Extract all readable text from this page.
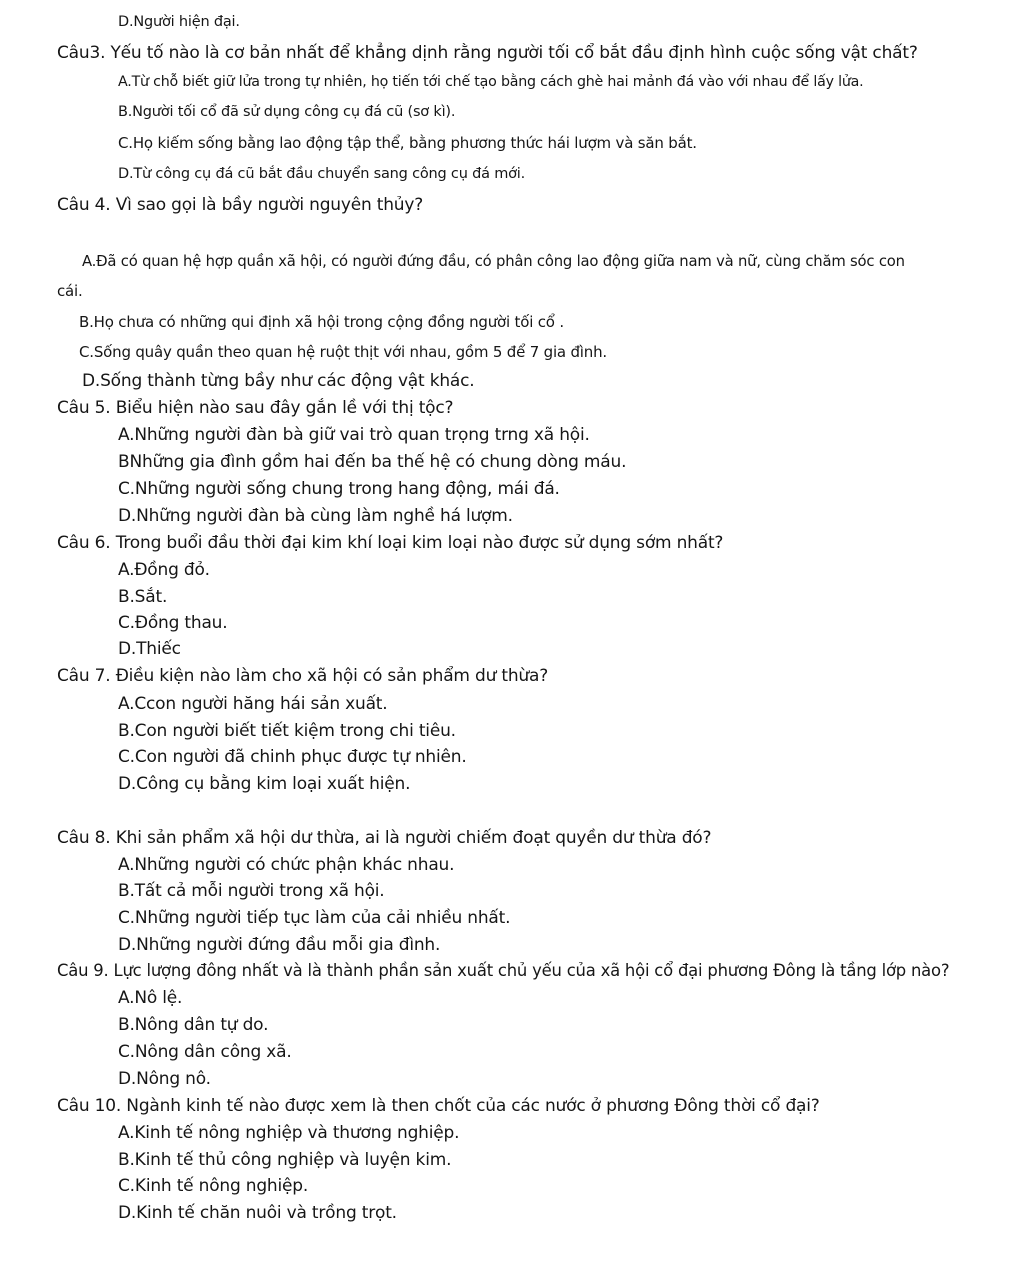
D.Người hiện đại.
Câu3. Yếu tố nào là cơ bản nhất để khẳng dịnh rằng người tối cổ bắt đầu định hình cuộc sống vật chất?
A.Từ chỗ biết giữ lửa trong tự nhiên, họ tiến tới chế tạo bằng cách ghè hai mảnh đá vào với nhau để lấy lửa.
B.Người tối cổ đã sử dụng công cụ đá cũ (sơ kì).
C.Họ kiếm sống bằng lao động tập thể, bằng phương thức hái lượm và săn bắt.
D.Từ công cụ đá cũ bắt đầu chuyển sang công cụ đá mới.
Câu 4. Vì sao gọi là bầy người nguyên thủy?
A.Đã có quan hệ hợp quần xã hội, có người đứng đầu, có phân công lao động giữa nam và nữ, cùng chăm sóc con
cái.
B.Họ chưa có những qui định xã hội trong cộng đồng người tối cổ .
C.Sống quây quần theo quan hệ ruột thịt với nhau, gồm 5 để 7 gia đình.
D.Sống thành từng bầy như các động vật khác.
Câu 5. Biểu hiện nào sau đây gắn lề với thị tộc?
A.Những người đàn bà giữ vai trò quan trọng trng xã hội.
BNhững gia đình gồm hai đến ba thế hệ có chung dòng máu.
C.Những người sống chung trong hang động, mái đá.
D.Những người đàn bà cùng làm nghề há lượm.
Câu 6. Trong buổi đầu thời đại kim khí loại kim loại nào được sử dụng sớm nhất?
A.Đồng đỏ.
B.Sắt.
C.Đồng thau.
D.Thiếc
Câu 7. Điều kiện nào làm cho xã hội có sản phẩm dư thừa?
A.Ccon người hăng hái sản xuất.
B.Con người biết tiết kiệm trong chi tiêu.
C.Con người đã chinh phục được tự nhiên.
D.Công cụ bằng kim loại xuất hiện.
Câu 8. Khi sản phẩm xã hội dư thừa, ai là người chiếm đoạt quyền dư thừa đó?
A.Những người có chức phận khác nhau.
B.Tất cả mỗi người trong xã hội.
C.Những người tiếp tục làm của cải nhiều nhất.
D.Những người đứng đầu mỗi gia đình.
Câu 9. Lực lượng đông nhất và là thành phần sản xuất chủ yếu của xã hội cổ đại phương Đông là tầng lớp nào?
A.Nô lệ.
B.Nông dân tự do.
C.Nông dân công xã.
D.Nông nô.
Câu 10. Ngành kinh tế nào được xem là then chốt của các nước ở phương Đông thời cổ đại?
A.Kinh tế nông nghiệp và thương nghiệp.
B.Kinh tế thủ công nghiệp và luyện kim.
C.Kinh tế nông nghiệp.
D.Kinh tế chăn nuôi và trồng trọt.
